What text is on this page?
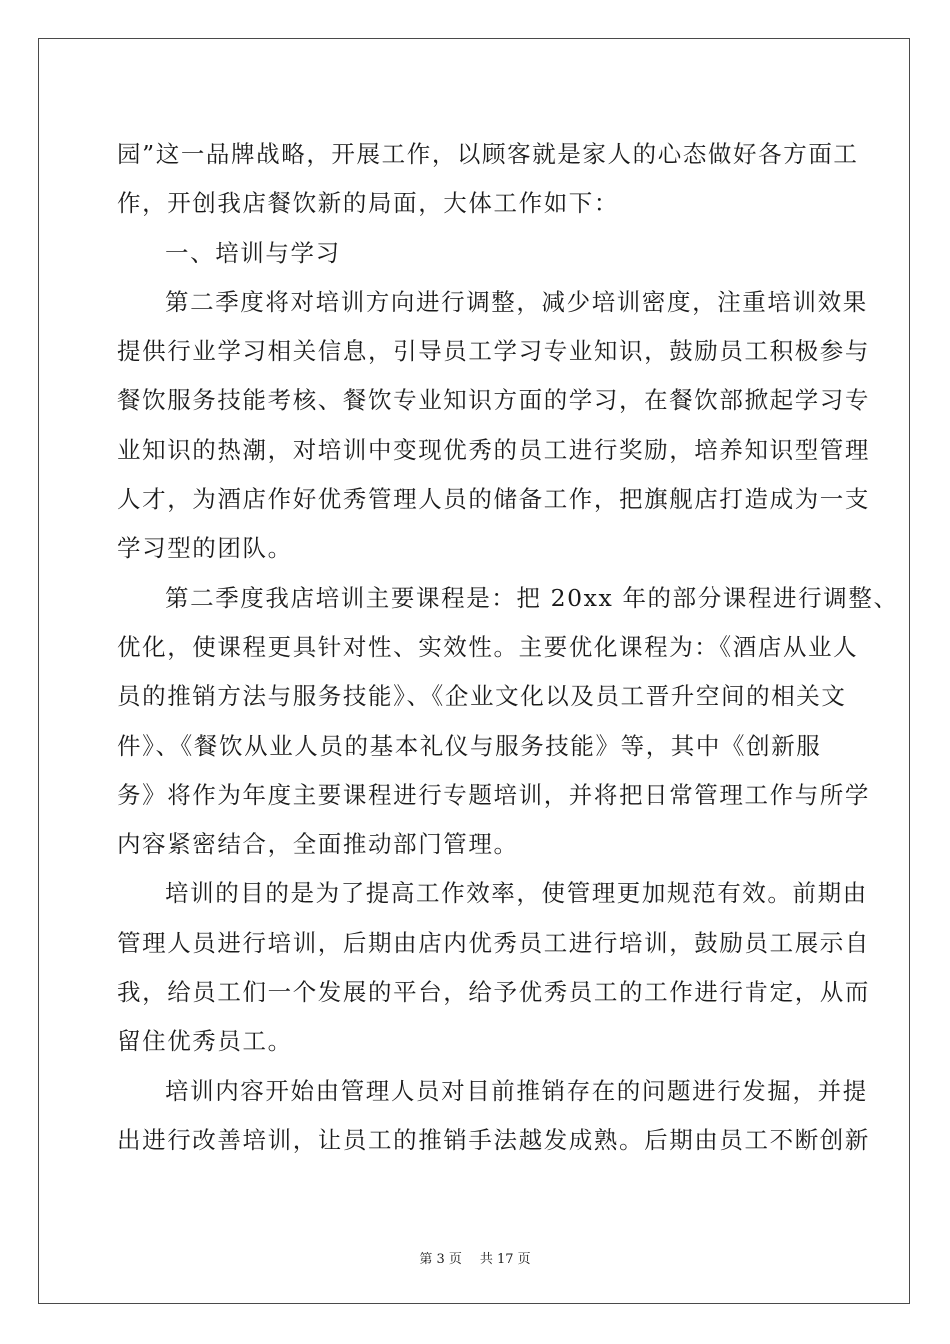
园”这一品牌战略，开展工作，以顾客就是家人的心态做好各方面工
作，开创我店餐饮新的局面，大体工作如下：
一、培训与学习
第二季度将对培训方向进行调整，减少培训密度，注重培训效果
提供行业学习相关信息，引导员工学习专业知识，鼓励员工积极参与
餐饮服务技能考核、餐饮专业知识方面的学习，在餐饮部掀起学习专
业知识的热潮，对培训中变现优秀的员工进行奖励，培养知识型管理
人才，为酒店作好优秀管理人员的储备工作，把旗舰店打造成为一支
学习型的团队。
第二季度我店培训主要课程是：把 20xx 年的部分课程进行调整、
优化，使课程更具针对性、实效性。主要优化课程为：《酒店从业人
员的推销方法与服务技能》、《企业文化以及员工晋升空间的相关文
件》、《餐饮从业人员的基本礼仪与服务技能》等，其中《创新服
务》将作为年度主要课程进行专题培训，并将把日常管理工作与所学
内容紧密结合，全面推动部门管理。
培训的目的是为了提高工作效率，使管理更加规范有效。前期由
管理人员进行培训，后期由店内优秀员工进行培训，鼓励员工展示自
我，给员工们一个发展的平台，给予优秀员工的工作进行肯定，从而
留住优秀员工。
培训内容开始由管理人员对目前推销存在的问题进行发掘，并提
出进行改善培训，让员工的推销手法越发成熟。后期由员工不断创新
第 3 页 共 17 页
